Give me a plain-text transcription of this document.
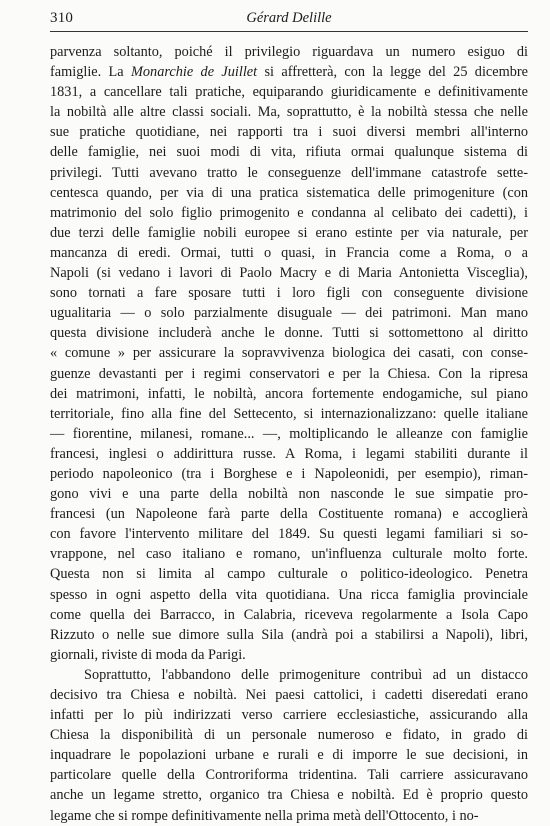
310	Gérard Delille
parvenza soltanto, poiché il privilegio riguardava un numero esiguo di
famiglie. La Monarchie de Juillet si affretterà, con la legge del 25 dicembre
1831, a cancellare tali pratiche, equiparando giuridicamente e definitivamente
la nobiltà alle altre classi sociali. Ma, soprattutto, è la nobiltà stessa che nelle
sue pratiche quotidiane, nei rapporti tra i suoi diversi membri all'interno
delle famiglie, nei suoi modi di vita, rifiuta ormai qualunque sistema di
privilegi. Tutti avevano tratto le conseguenze dell'immane catastrofe sette-
centesca quando, per via di una pratica sistematica delle primogeniture (con
matrimonio del solo figlio primogenito e condanna al celibato dei cadetti), i
due terzi delle famiglie nobili europee si erano estinte per via naturale, per
mancanza di eredi. Ormai, tutti o quasi, in Francia come a Roma, o a
Napoli (si vedano i lavori di Paolo Macry e di Maria Antonietta Visceglia),
sono tornati a fare sposare tutti i loro figli con conseguente divisione
ugualitaria — o solo parzialmente disuguale — dei patrimoni. Man mano
questa divisione includerà anche le donne. Tutti si sottomettono al diritto
« comune » per assicurare la sopravvivenza biologica dei casati, con conse-
guenze devastanti per i regimi conservatori e per la Chiesa. Con la ripresa
dei matrimoni, infatti, le nobiltà, ancora fortemente endogamiche, sul piano
territoriale, fino alla fine del Settecento, si internazionalizzano: quelle italiane
— fiorentine, milanesi, romane... —, moltiplicando le alleanze con famiglie
francesi, inglesi o addirittura russe. A Roma, i legami stabiliti durante il
periodo napoleonico (tra i Borghese e i Napoleonidi, per esempio), riman-
gono vivi e una parte della nobiltà non nasconde le sue simpatie pro-
francesi (un Napoleone farà parte della Costituente romana) e accoglierà
con favore l'intervento militare del 1849. Su questi legami familiari si so-
vrappone, nel caso italiano e romano, un'influenza culturale molto forte.
Questa non si limita al campo culturale o politico-ideologico. Penetra
spesso in ogni aspetto della vita quotidiana. Una ricca famiglia provinciale
come quella dei Barracco, in Calabria, riceveva regolarmente a Isola Capo
Rizzuto o nelle sue dimore sulla Sila (andrà poi a stabilirsi a Napoli), libri,
giornali, riviste di moda da Parigi.
Soprattutto, l'abbandono delle primogeniture contribuì ad un distacco
decisivo tra Chiesa e nobiltà. Nei paesi cattolici, i cadetti diseredati erano
infatti per lo più indirizzati verso carriere ecclesiastiche, assicurando alla
Chiesa la disponibilità di un personale numeroso e fidato, in grado di
inquadrare le popolazioni urbane e rurali e di imporre le sue decisioni, in
particolare quelle della Controriforma tridentina. Tali carriere assicuravano
anche un legame stretto, organico tra Chiesa e nobiltà. Ed è proprio questo
legame che si rompe definitivamente nella prima metà dell'Ottocento, i no-
